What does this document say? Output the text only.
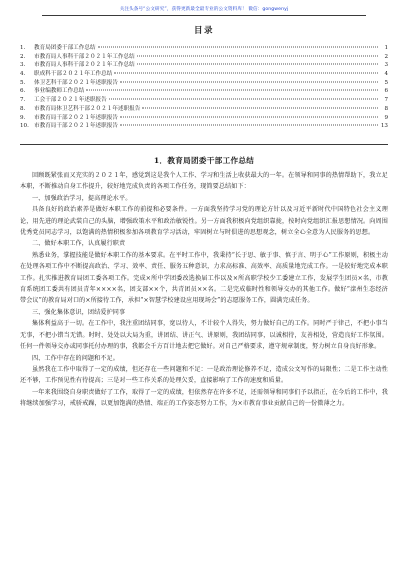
关注头条号“公文研究”，获得更新最全最专业的公文资料库！ 微信：gongwenyj
目录
1.	教育局团委干部工作总结	1
2.	市教育局人事科干部２０２１年工作总结	2
3.	市教育局人事科干部２０２１年工作总结	3
4.	职成科干部２０２１年工作总结	4
5.	体卫艺科干部２０２１年述职报告	5
6.	事业编教师工作总结	6
7.	工会干部２０２１年述职报告	7
8.	市教育局体卫艺科干部２０２１年述职报告	8
9.	市教育局干部２０２１年述职报告	9
10. 市教育局干部２０２１年述职报告	13
1．教育局团委干部工作总结

回顾既紧张而又充实的２０２１年，感觉到这是我个人工作、学习和生活上收获最大的一年。在领导和同事的热情帮助下，我立足本职，不断推动自身工作提升，较好地完成负责的各项工作任务，现简要总结如下：

一、加强政治学习，提高理论水平。

具备良好的政治素养是做好本职工作的前提和必要条件。一方面我坚持学习党的理论方针以及习近平新时代中国特色社会主义理论，用先进的理论武装自己的头脑，增强政策水平和政治敏锐性。另一方面我积极向党组织靠拢，按时向党组织汇报思想情况。向周围优秀党员同志学习，以饱满的热情积极参加各项教育学习活动，牢固树立与时俱进的思想观念，树立全心全意为人民服务的思想。

二、做好本职工作，认真履行职责

熟悉业务，掌握技能是做好本职工作的基本要求。在平时工作中，我秉持“长于思、敏于事、慎于言、明于心”工作原则，积极主动在处理各项工作中不断提高政治、学习、效率、责任、服务五种意识，力求高标准、高效率、高质量地完成工作。一是较好地完成本职工作。扎实推进教育局团工委各项工作。完成×所中学团委改选换届工作以及×所高职学校少工委建立工作，发展学生团员×名，市教育系统团工委共有团员青年××××名，团支部××个，共青团员××名。二是完成临时性和领导交办的其他工作。做好“滦州生态经济带会议”的教育局对口的×所接待工作，承担“×智慧学校建设应用现场会”的志愿服务工作，圆满完成任务。

三、强化集体意识，团结爱护同事

集体利益高于一切。在工作中，我注重团结同事，宽以待人，不计较个人得失，努力做好自己的工作。同时严于律己，不把小事当无事，不把小错当无错。时时、处处以大局为重，讲团结、讲正气、讲原则，我团结同事，以诚相待，友善相处，营造良好工作氛围。任何一件领导交办或同事托付办理的事，我都会千方百计地去把它做好。对自己严格要求，遵守规章制度，努力树立自身良好形象。

四、工作中存在的问题和不足。

虽然我在工作中取得了一定的成绩，但还存在一些问题和不足：一是政治理论修养不足，造成公文写作的局限性；二是工作主动性还不够，工作预见性有待提高；三是对一些工作关系的处理欠妥，直接影响了工作的速度和质量。

一年来我围绕自身职责做好了工作，取得了一定的成绩，但依然存在许多不足，还需领导和同事们予以指正，在今后的工作中，我将继续加强学习，戒骄戒躁，以更加饱满的热情、端正的工作姿态努力工作，为×市教育事业贡献自己的一份微薄之力。
